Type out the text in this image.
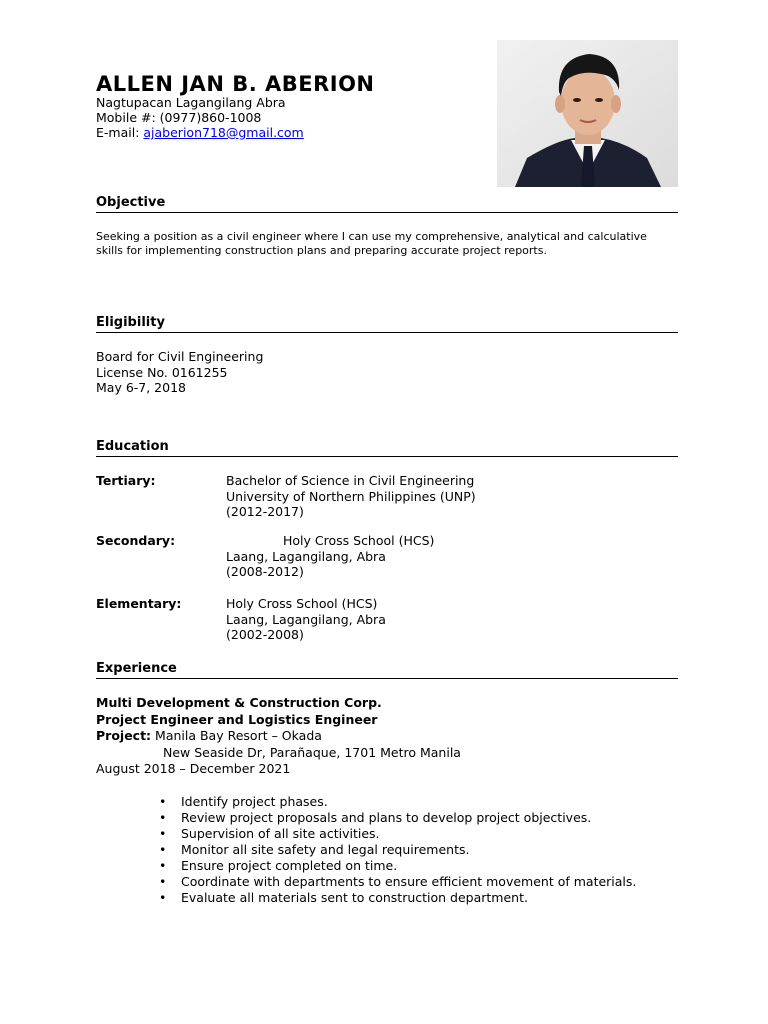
ALLEN JAN B. ABERION
Nagtupacan Lagangilang Abra
Mobile #: (0977)860-1008
E-mail: ajaberion718@gmail.com
Objective
Seeking a position as a civil engineer where I can use my comprehensive, analytical and calculative skills for implementing construction plans and preparing accurate project reports.
Eligibility
Board for Civil Engineering
License No. 0161255
May 6-7, 2018
Education
Tertiary:	Bachelor of Science in Civil Engineering
University of Northern Philippines (UNP)
(2012-2017)
Secondary:	Holy Cross School (HCS)
Laang, Lagangilang, Abra
(2008-2012)
Elementary:	Holy Cross School (HCS)
Laang, Lagangilang, Abra
(2002-2008)
Experience
Multi Development & Construction Corp.
Project Engineer and Logistics Engineer
Project: Manila Bay Resort – Okada
New Seaside Dr, Parañaque, 1701 Metro Manila
August 2018 – December 2021
• Identify project phases.
• Review project proposals and plans to develop project objectives.
• Supervision of all site activities.
• Monitor all site safety and legal requirements.
• Ensure project completed on time.
• Coordinate with departments to ensure efficient movement of materials.
• Evaluate all materials sent to construction department.
